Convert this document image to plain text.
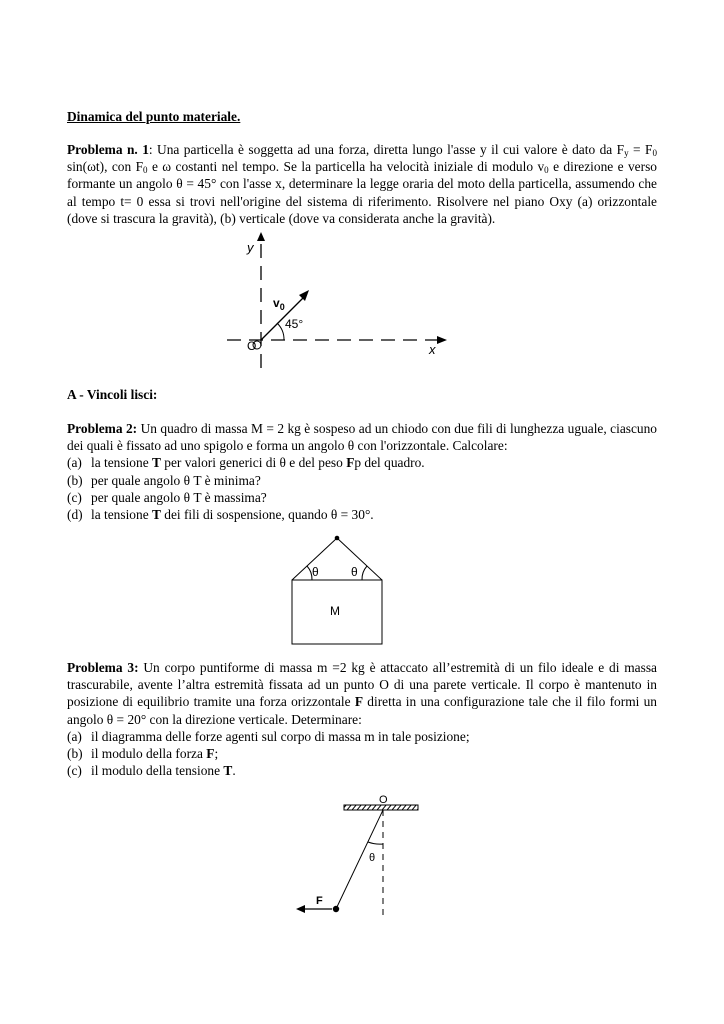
Dinamica del punto materiale.
Problema n. 1: Una particella è soggetta ad una forza, diretta lungo l'asse y il cui valore è dato da $F_y = F_0$ sin(ωt), con $F_0$ e ω costanti nel tempo. Se la particella ha velocità iniziale di modulo $v_0$ e direzione e verso formante un angolo θ = 45° con l'asse x, determinare la legge oraria del moto della particella, assumendo che al tempo t= 0 essa si trovi nell'origine del sistema di riferimento. Risolvere nel piano Oxy (a) orizzontale (dove si trascura la gravità), (b) verticale (dove va considerata anche la gravità).
y
x
O
$v_0$
45°
A - Vincoli lisci:
Problema 2: Un quadro di massa M = 2 kg è sospeso ad un chiodo con due fili di lunghezza uguale, ciascuno dei quali è fissato ad uno spigolo e forma un angolo θ con l'orizzontale. Calcolare:
(a) la tensione T per valori generici di θ e del peso Fp del quadro.
(b) per quale angolo θ T è minima?
(c) per quale angolo θ T è massima?
(d) la tensione T dei fili di sospensione, quando θ = 30°.
θ	θ
M
Problema 3: Un corpo puntiforme di massa m =2 kg è attaccato all’estremità di un filo ideale e di massa trascurabile, avente l’altra estremità fissata ad un punto O di una parete verticale. Il corpo è mantenuto in posizione di equilibrio tramite una forza orizzontale F diretta in una configurazione tale che il filo formi un angolo θ = 20° con la direzione verticale. Determinare:
(a) il diagramma delle forze agenti sul corpo di massa m in tale posizione;
(b) il modulo della forza F;
(c) il modulo della tensione T.
O
θ
F
